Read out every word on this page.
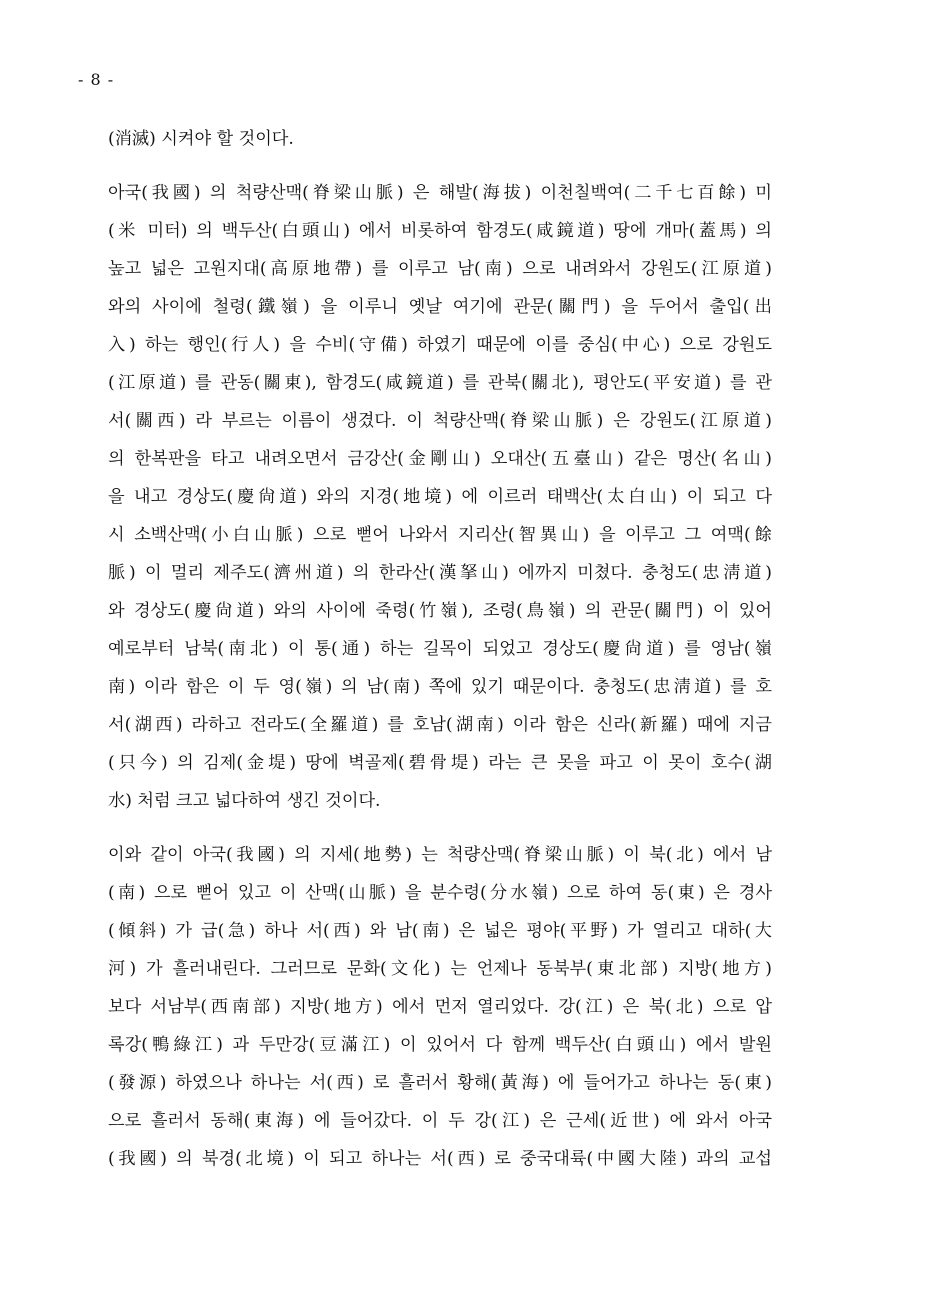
- 8 -
(消滅) 시켜야 할 것이다.
아국(我國) 의 척량산맥(脊梁山脈) 은 해발(海拔) 이천칠백여(二千七百餘) 미
(米 미터) 의 백두산(白頭山) 에서 비롯하여 함경도(咸鏡道) 땅에 개마(蓋馬) 의
높고 넓은 고원지대(高原地帶) 를 이루고 남(南) 으로 내려와서 강원도(江原道)
와의 사이에 철령(鐵嶺) 을 이루니 옛날 여기에 관문(關門) 을 두어서 출입(出
入) 하는 행인(行人) 을 수비(守備) 하였기 때문에 이를 중심(中心) 으로 강원도
(江原道) 를 관동(關東), 함경도(咸鏡道) 를 관북(關北), 평안도(平安道) 를 관
서(關西) 라 부르는 이름이 생겼다. 이 척량산맥(脊梁山脈) 은 강원도(江原道)
의 한복판을 타고 내려오면서 금강산(金剛山) 오대산(五臺山) 같은 명산(名山)
을 내고 경상도(慶尙道) 와의 지경(地境) 에 이르러 태백산(太白山) 이 되고 다
시 소백산맥(小白山脈) 으로 뻗어 나와서 지리산(智異山) 을 이루고 그 여맥(餘
脈) 이 멀리 제주도(濟州道) 의 한라산(漢拏山) 에까지 미쳤다. 충청도(忠淸道)
와 경상도(慶尙道) 와의 사이에 죽령(竹嶺), 조령(鳥嶺) 의 관문(關門) 이 있어
예로부터 남북(南北) 이 통(通) 하는 길목이 되었고 경상도(慶尙道) 를 영남(嶺
南) 이라 함은 이 두 영(嶺) 의 남(南) 쪽에 있기 때문이다. 충청도(忠淸道) 를 호
서(湖西) 라하고 전라도(全羅道) 를 호남(湖南) 이라 함은 신라(新羅) 때에 지금
(只今) 의 김제(金堤) 땅에 벽골제(碧骨堤) 라는 큰 못을 파고 이 못이 호수(湖
水) 처럼 크고 넓다하여 생긴 것이다.
이와 같이 아국(我國) 의 지세(地勢) 는 척량산맥(脊梁山脈) 이 북(北) 에서 남
(南) 으로 뻗어 있고 이 산맥(山脈) 을 분수령(分水嶺) 으로 하여 동(東) 은 경사
(傾斜) 가 급(急) 하나 서(西) 와 남(南) 은 넓은 평야(平野) 가 열리고 대하(大
河) 가 흘러내린다. 그러므로 문화(文化) 는 언제나 동북부(東北部) 지방(地方)
보다 서남부(西南部) 지방(地方) 에서 먼저 열리었다. 강(江) 은 북(北) 으로 압
록강(鴨綠江) 과 두만강(豆滿江) 이 있어서 다 함께 백두산(白頭山) 에서 발원
(發源) 하였으나 하나는 서(西) 로 흘러서 황해(黃海) 에 들어가고 하나는 동(東)
으로 흘러서 동해(東海) 에 들어갔다. 이 두 강(江) 은 근세(近世) 에 와서 아국
(我國) 의 북경(北境) 이 되고 하나는 서(西) 로 중국대륙(中國大陸) 과의 교섭
